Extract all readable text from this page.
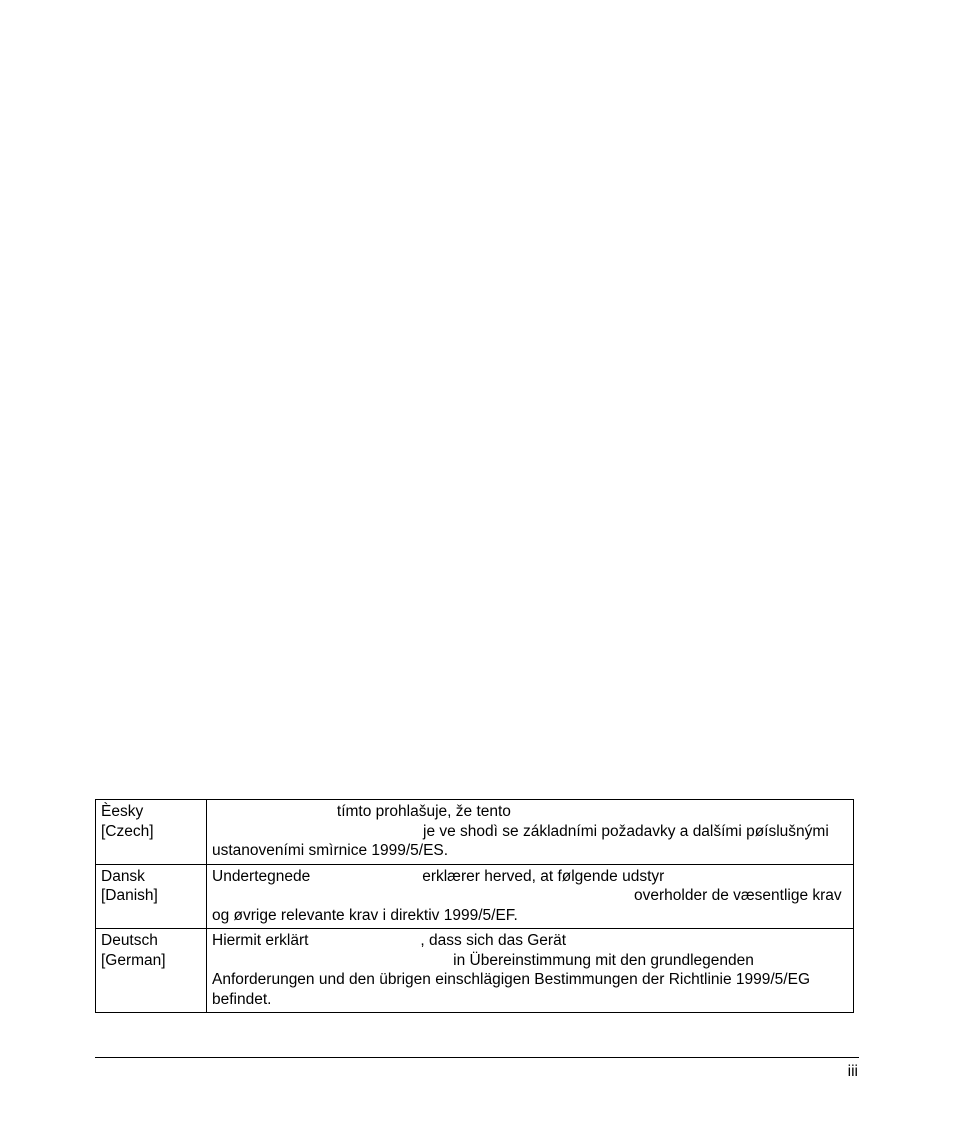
Èesky
[Czech]	tímto prohlašuje, že tento
je ve shodì se základními požadavky a dalšími pøíslušnými
ustanoveními smìrnice 1999/5/ES.

Dansk
[Danish]	Undertegnede                          erklærer herved, at følgende udstyr
overholder de væsentlige krav
og øvrige relevante krav i direktiv 1999/5/EF.

Deutsch
[German]	Hiermit erklärt                          , dass sich das Gerät
in Übereinstimmung mit den grundlegenden
Anforderungen und den übrigen einschlägigen Bestimmungen der Richtlinie 1999/5/EG
befindet.
iii
